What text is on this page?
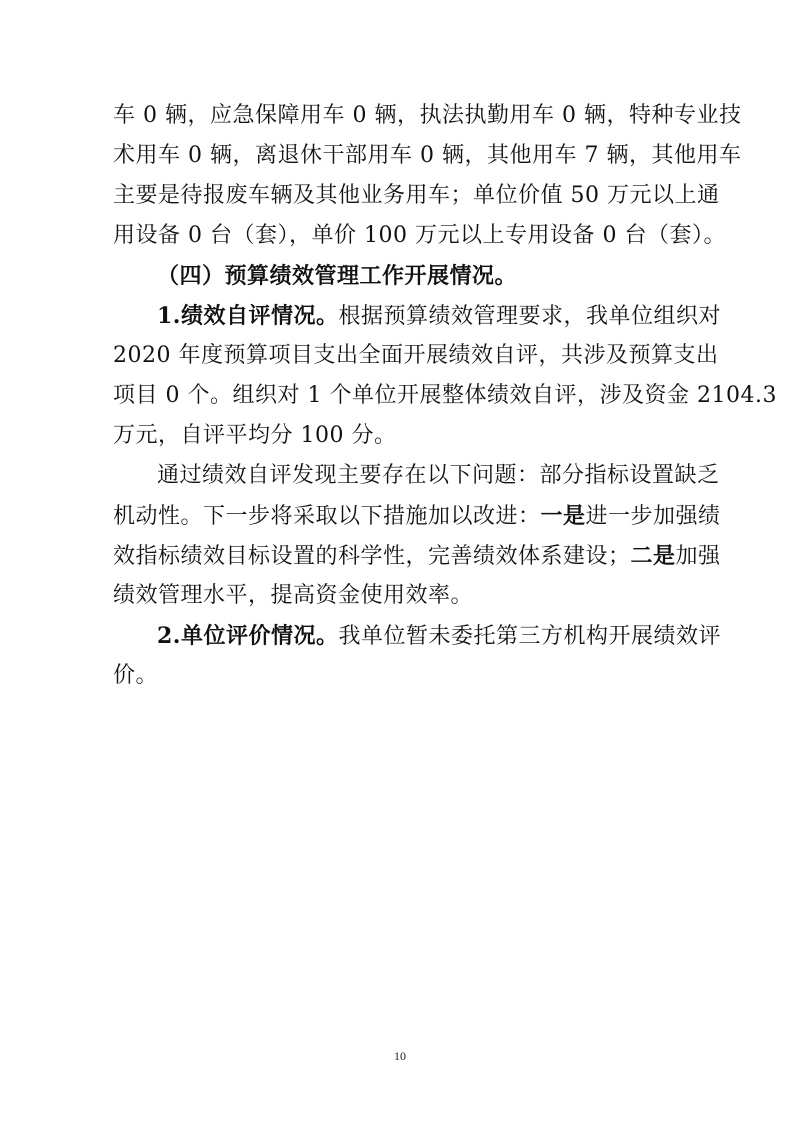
车 0 辆，应急保障用车 0 辆，执法执勤用车 0 辆，特种专业技
术用车 0 辆，离退休干部用车 0 辆，其他用车 7 辆，其他用车
主要是待报废车辆及其他业务用车；单位价值 50 万元以上通
用设备 0 台（套），单价 100 万元以上专用设备 0 台（套）。
（四）预算绩效管理工作开展情况。
1.绩效自评情况。根据预算绩效管理要求，我单位组织对
2020 年度预算项目支出全面开展绩效自评，共涉及预算支出
项目 0 个。组织对 1 个单位开展整体绩效自评，涉及资金 2104.3
万元，自评平均分 100 分。
通过绩效自评发现主要存在以下问题：部分指标设置缺乏
机动性。下一步将采取以下措施加以改进：一是进一步加强绩
效指标绩效目标设置的科学性，完善绩效体系建设；二是加强
绩效管理水平，提高资金使用效率。
2.单位评价情况。我单位暂未委托第三方机构开展绩效评
价。
10
